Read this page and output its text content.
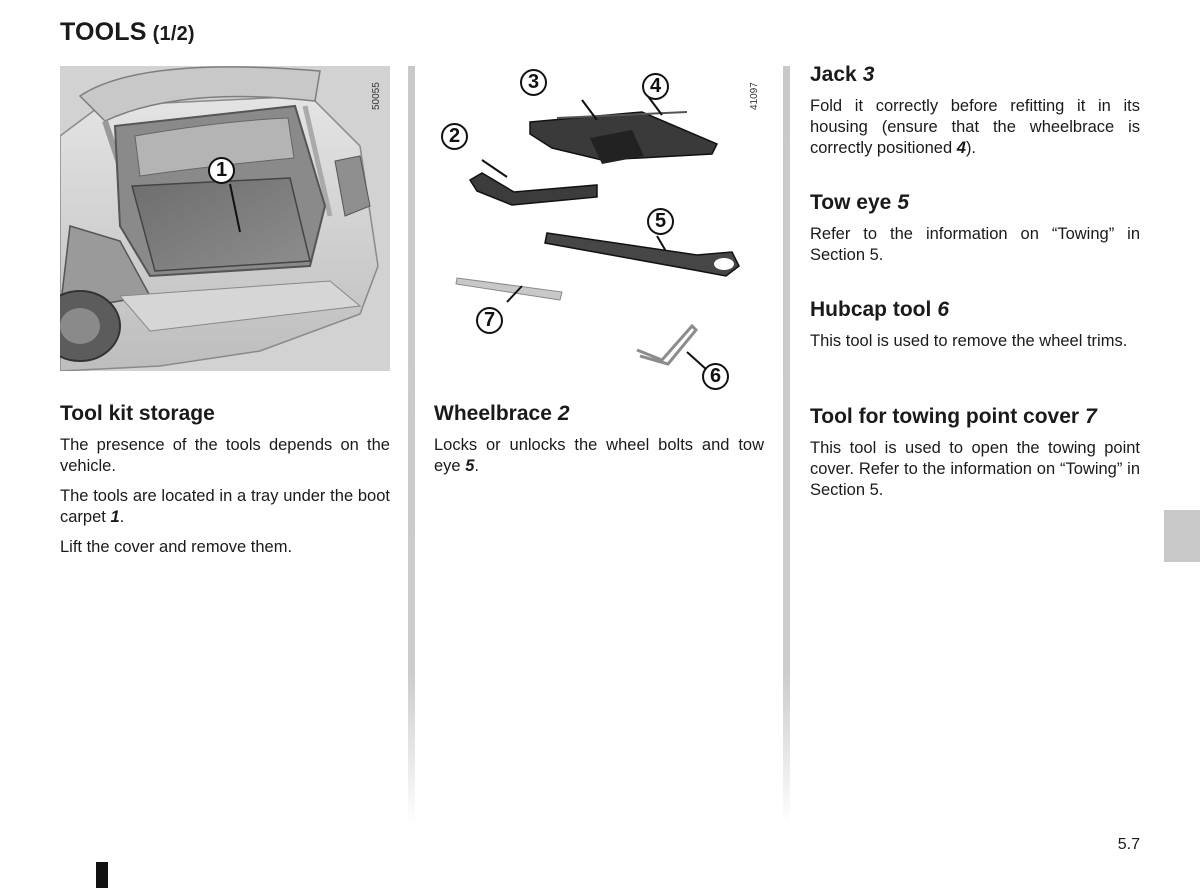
TOOLS (1/2)
1
50055
3	4
2
5
7
6
41097
Tool kit storage

The presence of the tools depends on the vehicle.

The tools are located in a tray under the boot carpet 1.

Lift the cover and remove them.

Wheelbrace 2

Locks or unlocks the wheel bolts and tow eye 5.

Jack 3

Fold it correctly before refitting it in its housing (ensure that the wheelbrace is correctly positioned 4).

Tow eye 5

Refer to the information on “Towing” in Section 5.

Hubcap tool 6

This tool is used to remove the wheel trims.

Tool for towing point cover 7

This tool is used to open the towing point cover. Refer to the information on “Towing” in Section 5.

5.7
